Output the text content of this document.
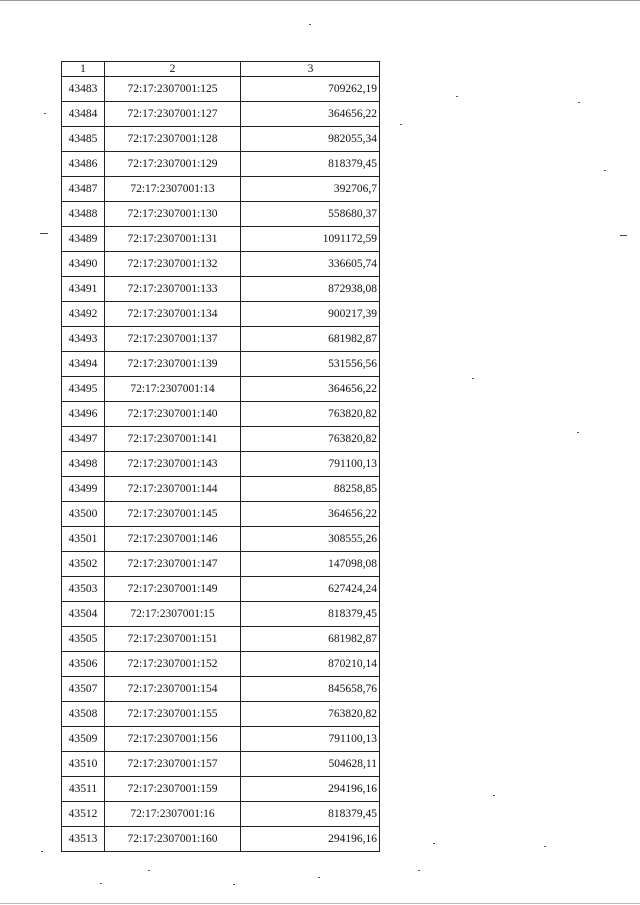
1	2	3
43483	72:17:2307001:125	709262,19
43484	72:17:2307001:127	364656,22
43485	72:17:2307001:128	982055,34
43486	72:17:2307001:129	818379,45
43487	72:17:2307001:13	392706,7
43488	72:17:2307001:130	558680,37
43489	72:17:2307001:131	1091172,59
43490	72:17:2307001:132	336605,74
43491	72:17:2307001:133	872938,08
43492	72:17:2307001:134	900217,39
43493	72:17:2307001:137	681982,87
43494	72:17:2307001:139	531556,56
43495	72:17:2307001:14	364656,22
43496	72:17:2307001:140	763820,82
43497	72:17:2307001:141	763820,82
43498	72:17:2307001:143	791100,13
43499	72:17:2307001:144	88258,85
43500	72:17:2307001:145	364656,22
43501	72:17:2307001:146	308555,26
43502	72:17:2307001:147	147098,08
43503	72:17:2307001:149	627424,24
43504	72:17:2307001:15	818379,45
43505	72:17:2307001:151	681982,87
43506	72:17:2307001:152	870210,14
43507	72:17:2307001:154	845658,76
43508	72:17:2307001:155	763820,82
43509	72:17:2307001:156	791100,13
43510	72:17:2307001:157	504628,11
43511	72:17:2307001:159	294196,16
43512	72:17:2307001:16	818379,45
43513	72:17:2307001:160	294196,16
